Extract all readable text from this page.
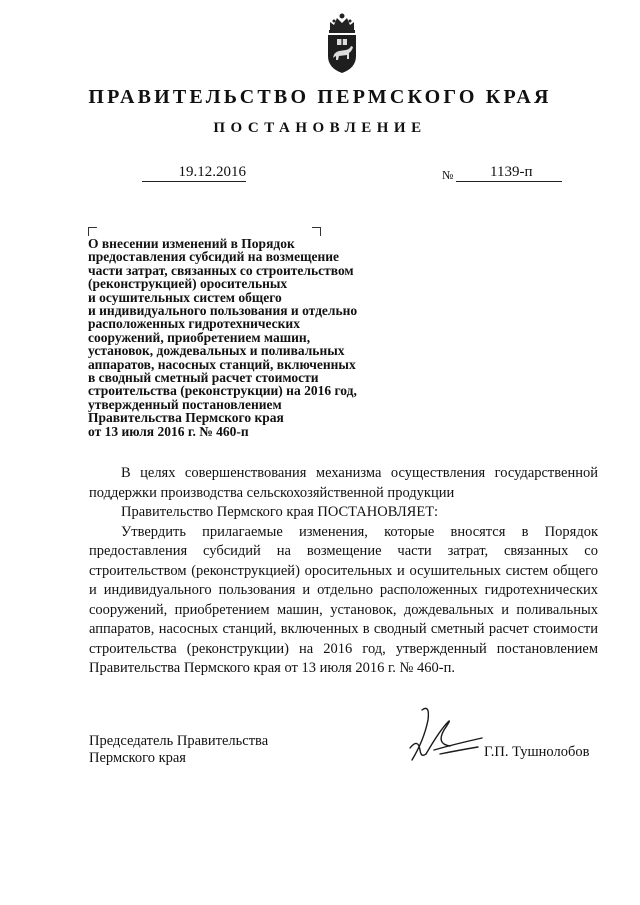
ПРАВИТЕЛЬСТВО ПЕРМСКОГО КРАЯ
ПОСТАНОВЛЕНИЕ
19.12.2016	№	1139-п
О внесении изменений в Порядок
предоставления субсидий на возмещение
части затрат, связанных со строительством
(реконструкцией) оросительных
и осушительных систем общего
и индивидуального пользования и отдельно
расположенных гидротехнических
сооружений, приобретением машин,
установок, дождевальных и поливальных
аппаратов, насосных станций, включенных
в сводный сметный расчет стоимости
строительства (реконструкции) на 2016 год,
утвержденный постановлением
Правительства Пермского края
от 13 июля 2016 г. № 460-п

В целях совершенствования механизма осуществления государственной поддержки производства сельскохозяйственной продукции

Правительство Пермского края ПОСТАНОВЛЯЕТ:

Утвердить прилагаемые изменения, которые вносятся в Порядок предоставления субсидий на возмещение части затрат, связанных со строительством (реконструкцией) оросительных и осушительных систем общего и индивидуального пользования и отдельно расположенных гидротехнических сооружений, приобретением машин, установок, дождевальных и поливальных аппаратов, насосных станций, включенных в сводный сметный расчет стоимости строительства (реконструкции) на 2016 год, утвержденный постановлением Правительства Пермского края от 13 июля 2016 г. № 460-п.

Председатель Правительства
Пермского края	Г.П. Тушнолобов
